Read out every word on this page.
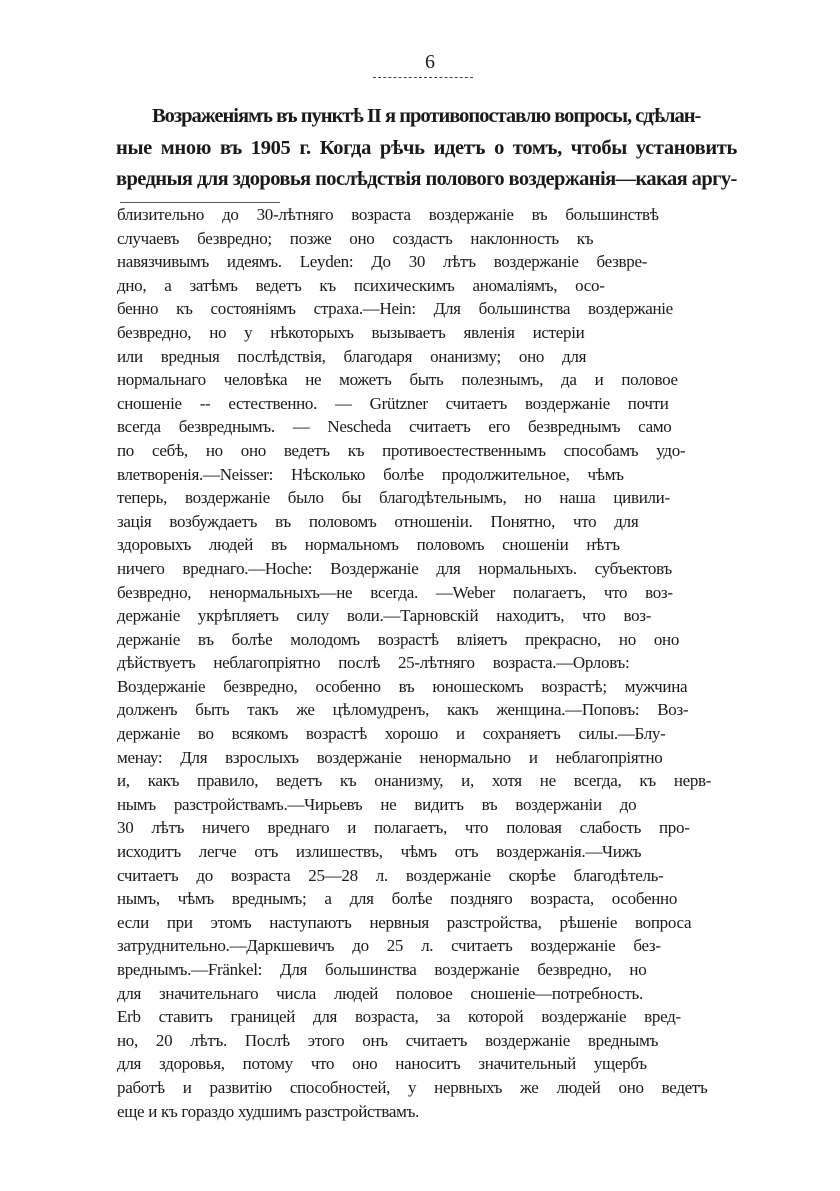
6
Возраженіямъ въ пунктѣ II я противопоставлю вопросы, сдѣлан-
ные мною въ 1905 г. Когда рѣчь идетъ о томъ, чтобы установить
вредныя для здоровья послѣдствія полового воздержанія—какая аргу-
близительно до 30-лѣтняго возраста воздержаніе въ большинствѣ
случаевъ безвредно; позже оно создастъ наклонность къ
навязчивымъ идеямъ. Leyden: До 30 лѣтъ воздержаніе безвре-
дно, а затѣмъ ведетъ къ психическимъ аномаліямъ, осо-
бенно къ состояніямъ страха.—Hein: Для большинства воздержаніе
безвредно, но у нѣкоторыхъ вызываетъ явленія истеріи
или вредныя послѣдствія, благодаря онанизму; оно для
нормальнаго человѣка не можетъ быть полезнымъ, да и половое
сношеніе -- естественно. — Grützner считаетъ воздержаніе почти
всегда безвреднымъ. — Nescheda считаетъ его безвреднымъ само
по себѣ, но оно ведетъ къ противоестественнымъ способамъ удо-
влетворенія.—Neisser: Нѣсколько болѣе продолжительное, чѣмъ
теперь, воздержаніе было бы благодѣтельнымъ, но наша цивили-
зація возбуждаетъ въ половомъ отношеніи. Понятно, что для
здоровыхъ людей въ нормальномъ половомъ сношеніи нѣтъ
ничего вреднаго.—Hoche: Воздержаніе для нормальныхъ. субъектовъ
безвредно, ненормальныхъ—не всегда. —Weber полагаетъ, что воз-
держаніе укрѣпляетъ силу воли.—Тарновскій находитъ, что воз-
держаніе въ болѣе молодомъ возрастѣ вліяетъ прекрасно, но оно
дѣйствуетъ неблагопріятно послѣ 25-лѣтняго возраста.—Орловъ:
Воздержаніе безвредно, особенно въ юношескомъ возрастѣ; мужчина
долженъ быть такъ же цѣломудренъ, какъ женщина.—Поповъ: Воз-
держаніе во всякомъ возрастѣ хорошо и сохраняетъ силы.—Блу-
менау: Для взрослыхъ воздержаніе ненормально и неблагопріятно
и, какъ правило, ведетъ къ онанизму, и, хотя не всегда, къ нерв-
нымъ разстройствамъ.—Чирьевъ не видитъ въ воздержаніи до
30 лѣтъ ничего вреднаго и полагаетъ, что половая слабость про-
исходитъ легче отъ излишествъ, чѣмъ отъ воздержанія.—Чижъ
считаетъ до возраста 25—28 л. воздержаніе скорѣе благодѣтель-
нымъ, чѣмъ вреднымъ; а для болѣе поздняго возраста, особенно
если при этомъ наступаютъ нервныя разстройства, рѣшеніе вопроса
затруднительно.—Даркшевичъ до 25 л. считаетъ воздержаніе без-
вреднымъ.—Fränkel: Для большинства воздержаніе безвредно, но
для значительнаго числа людей половое сношеніе—потребность.
Erb ставитъ границей для возраста, за которой воздержаніе вред-
но, 20 лѣтъ. Послѣ этого онъ считаетъ воздержаніе вреднымъ
для здоровья, потому что оно наноситъ значительный ущербъ
работѣ и развитію способностей, у нервныхъ же людей оно ведетъ
еще и къ гораздо худшимъ разстройствамъ.
